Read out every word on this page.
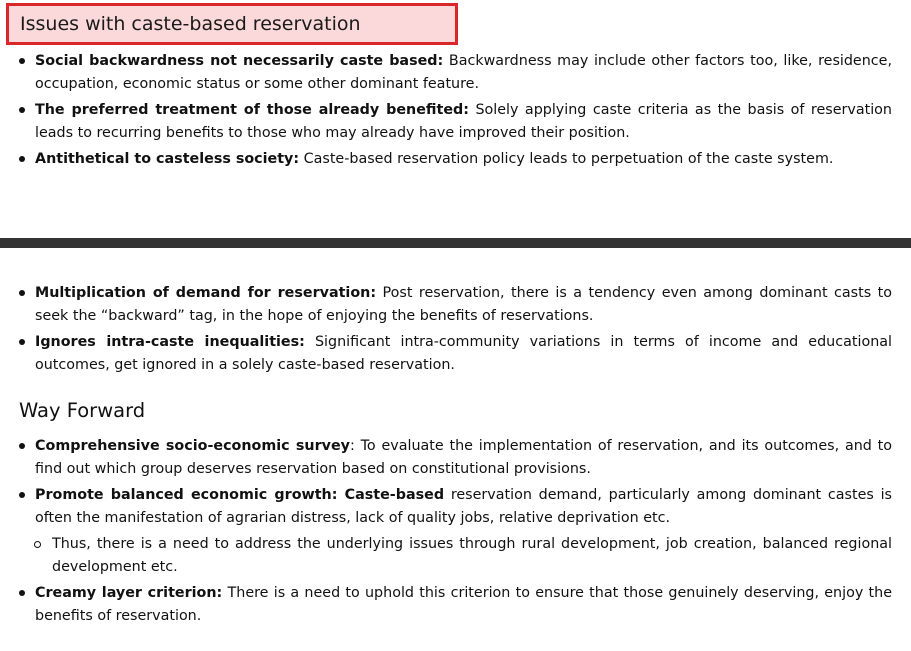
Issues with caste-based reservation
Social backwardness not necessarily caste based: Backwardness may include other factors too, like, residence, occupation, economic status or some other dominant feature.
The preferred treatment of those already benefited: Solely applying caste criteria as the basis of reservation leads to recurring benefits to those who may already have improved their position.
Antithetical to casteless society: Caste-based reservation policy leads to perpetuation of the caste system.
Multiplication of demand for reservation: Post reservation, there is a tendency even among dominant casts to seek the “backward” tag, in the hope of enjoying the benefits of reservations.
Ignores intra-caste inequalities: Significant intra-community variations in terms of income and educational outcomes, get ignored in a solely caste-based reservation.
Way Forward
Comprehensive socio-economic survey: To evaluate the implementation of reservation, and its outcomes, and to find out which group deserves reservation based on constitutional provisions.
Promote balanced economic growth: Caste-based reservation demand, particularly among dominant castes is often the manifestation of agrarian distress, lack of quality jobs, relative deprivation etc.
Thus, there is a need to address the underlying issues through rural development, job creation, balanced regional development etc.
Creamy layer criterion: There is a need to uphold this criterion to ensure that those genuinely deserving, enjoy the benefits of reservation.
